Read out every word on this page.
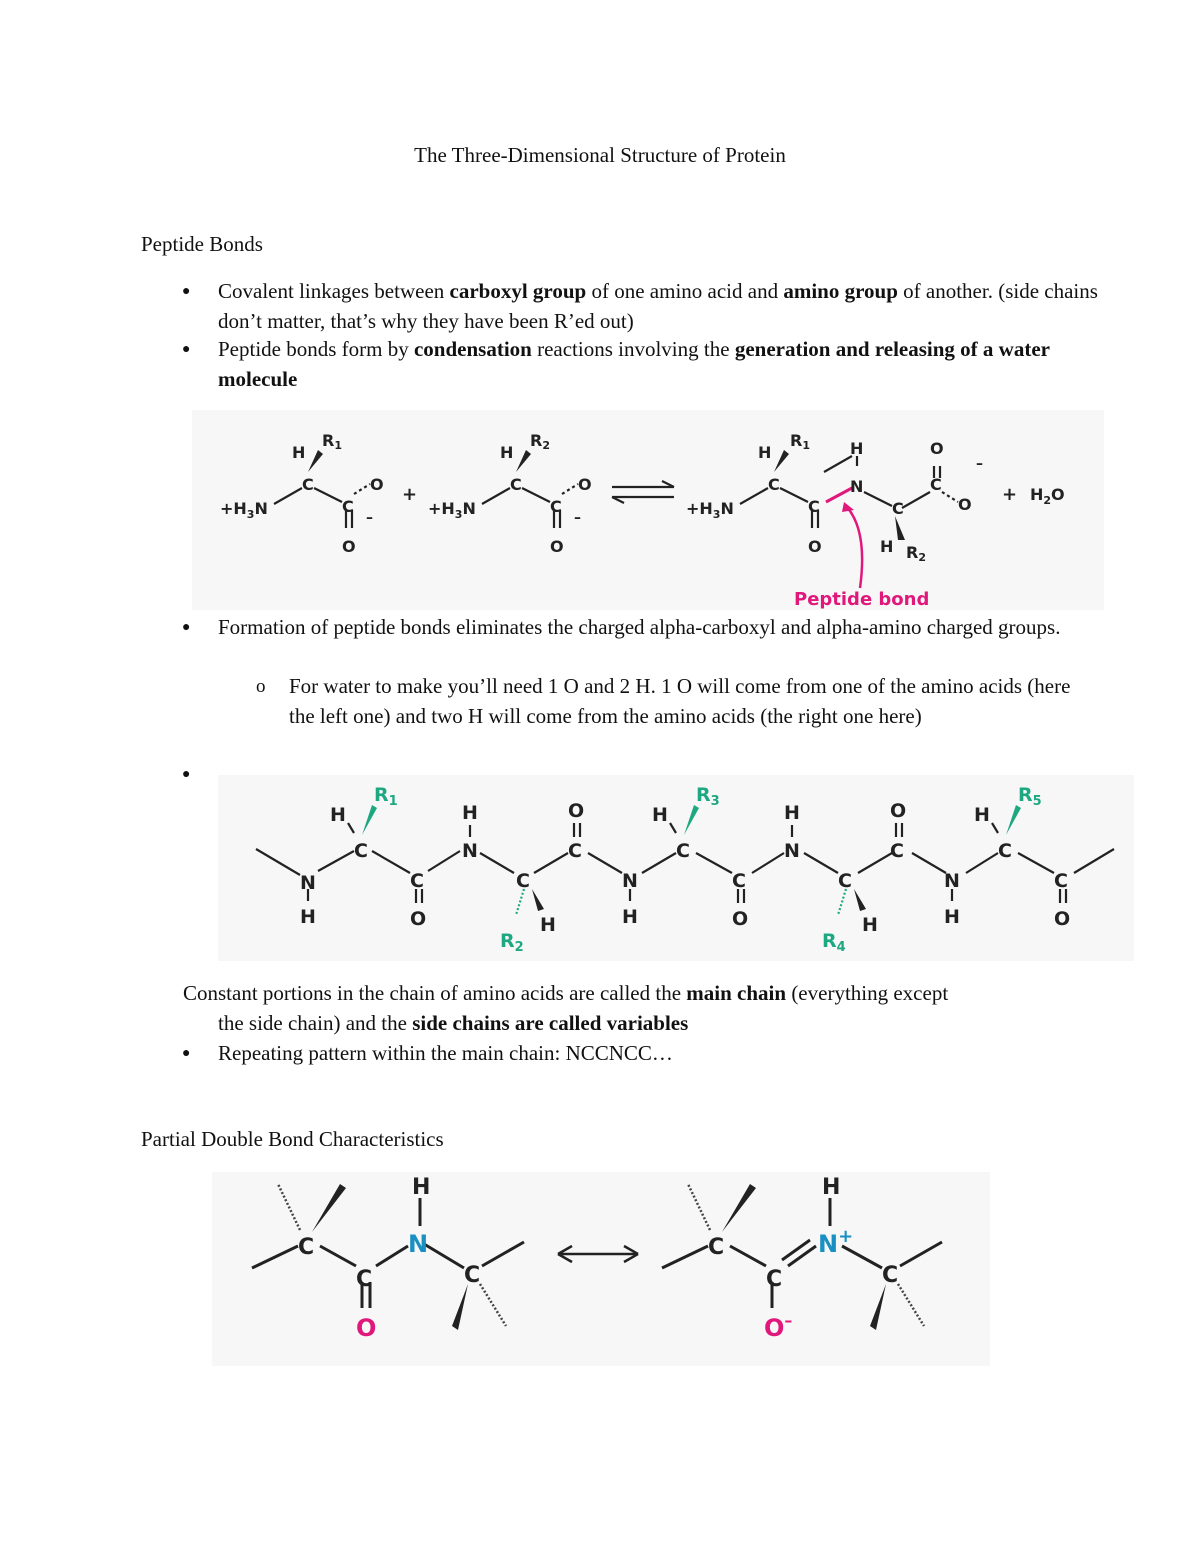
The Three-Dimensional Structure of Protein
Peptide Bonds
● Covalent linkages between carboxyl group of one amino acid and amino group of another. (side chains don’t matter, that’s why they have been R’ed out)
● Peptide bonds form by condensation reactions involving the generation and releasing of a water molecule
H
R1
$+H_3N$
C
C
O
O
–
+
H
R2
$+H_3N$
C
C
O
O
–
H
R1
$+H_3N$
C
C
O
H
N
C
H R2
C
O
O
–
+ $H_2O$
Peptide bond
● Formation of peptide bonds eliminates the charged alpha-carboxyl and alpha-amino charged groups.
o For water to make you’ll need 1 O and 2 H. 1 O will come from one of the amino acids (here the left one) and two H will come from the amino acids (the right one here)
N
H
C
H
$R_1$
C
O
N
H
C
H
$R_2$
C
O
N
H
C
H
$R_3$
C
O
N
H
C
H
$R_4$
C
O
N
H
C
H
$R_5$
C
O
Constant portions in the chain of amino acids are called the main chain (everything except
the side chain) and the side chains are called variables
● Repeating pattern within the main chain: NCCNCC…
Partial Double Bond Characteristics
C
C
O
N
H
C
C
C
O–
N+
H
C
